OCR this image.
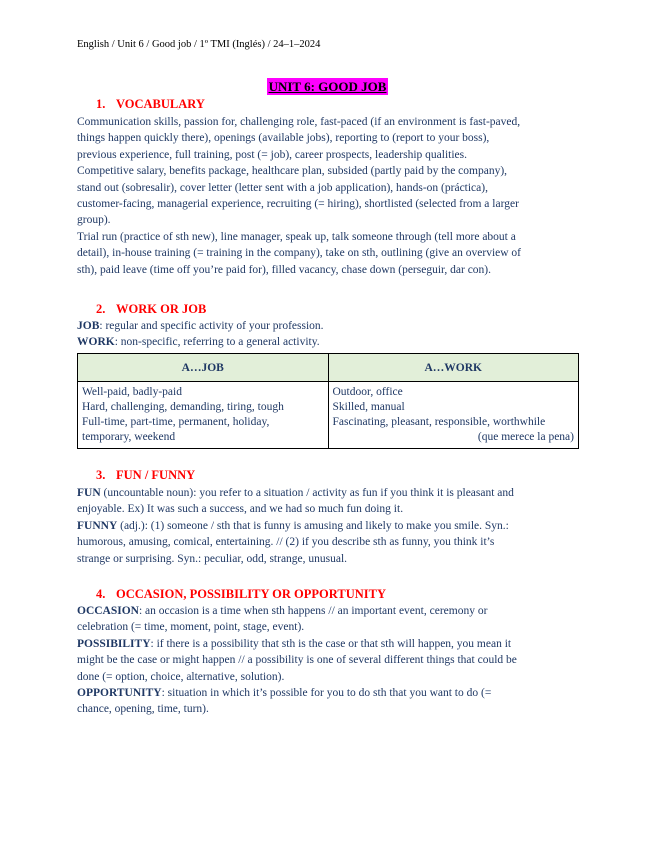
English / Unit 6 / Good job / 1º TMI (Inglés) / 24–1–2024
UNIT 6: GOOD JOB
1. VOCABULARY
Communication skills, passion for, challenging role, fast-paced (if an environment is fast-paved,
things happen quickly there), openings (available jobs), reporting to (report to your boss),
previous experience, full training, post (= job), career prospects, leadership qualities.
Competitive salary, benefits package, healthcare plan, subsided (partly paid by the company),
stand out (sobresalir), cover letter (letter sent with a job application), hands-on (práctica),
customer-facing, managerial experience, recruiting (= hiring), shortlisted (selected from a larger
group).
Trial run (practice of sth new), line manager, speak up, talk someone through (tell more about a
detail), in-house training (= training in the company), take on sth, outlining (give an overview of
sth), paid leave (time off you’re paid for), filled vacancy, chase down (perseguir, dar con).
2. WORK OR JOB
JOB: regular and specific activity of your profession.
WORK: non-specific, referring to a general activity.
A…JOB	A…WORK

Well-paid, badly-paid
Hard, challenging, demanding, tiring, tough
Full-time, part-time, permanent, holiday,
temporary, weekend	Outdoor, office
Skilled, manual
Fascinating, pleasant, responsible, worthwhile
(que merece la pena)
3. FUN / FUNNY
FUN (uncountable noun): you refer to a situation / activity as fun if you think it is pleasant and
enjoyable. Ex) It was such a success, and we had so much fun doing it.
FUNNY (adj.): (1) someone / sth that is funny is amusing and likely to make you smile. Syn.:
humorous, amusing, comical, entertaining. // (2) if you describe sth as funny, you think it’s
strange or surprising. Syn.: peculiar, odd, strange, unusual.
4. OCCASION, POSSIBILITY OR OPPORTUNITY
OCCASION: an occasion is a time when sth happens // an important event, ceremony or
celebration (= time, moment, point, stage, event).
POSSIBILITY: if there is a possibility that sth is the case or that sth will happen, you mean it
might be the case or might happen // a possibility is one of several different things that could be
done (= option, choice, alternative, solution).
OPPORTUNITY: situation in which it’s possible for you to do sth that you want to do (=
chance, opening, time, turn).
